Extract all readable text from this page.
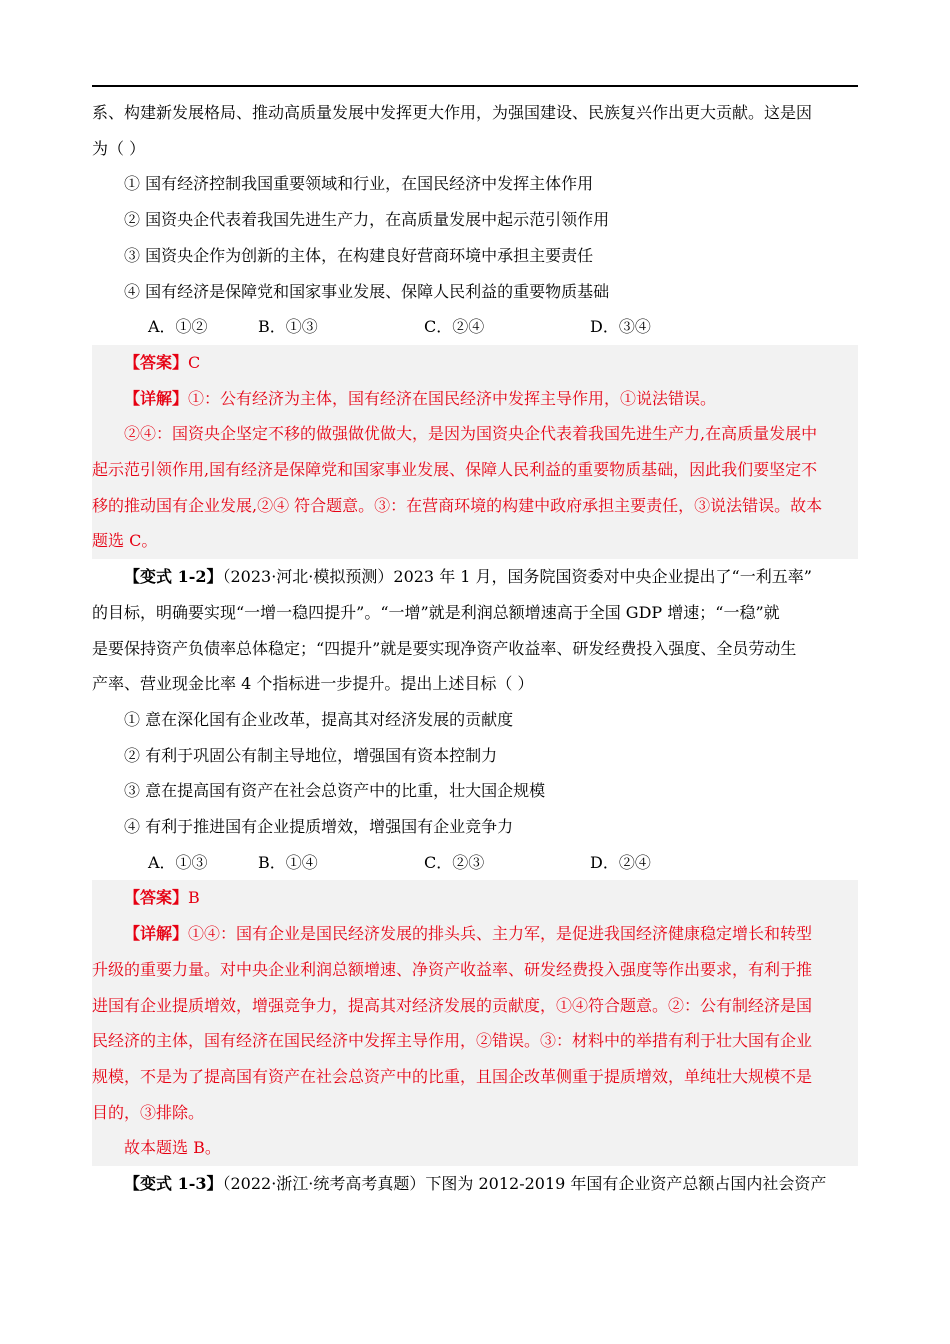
系、构建新发展格局、推动高质量发展中发挥更大作用，为强国建设、民族复兴作出更大贡献。这是因
为（ ）
① 国有经济控制我国重要领域和行业，在国民经济中发挥主体作用
② 国资央企代表着我国先进生产力，在高质量发展中起示范引领作用
③ 国资央企作为创新的主体，在构建良好营商环境中承担主要责任
④ 国有经济是保障党和国家事业发展、保障人民利益的重要物质基础
A．①②	B．①③	C．②④	D．③④
【答案】C
【详解】①：公有经济为主体，国有经济在国民经济中发挥主导作用，①说法错误。
②④：国资央企坚定不移的做强做优做大，是因为国资央企代表着我国先进生产力,在高质量发展中
起示范引领作用,国有经济是保障党和国家事业发展、保障人民利益的重要物质基础，因此我们要坚定不
移的推动国有企业发展,②④ 符合题意。③：在营商环境的构建中政府承担主要责任，③说法错误。故本
题选 C。
【变式 1-2】（2023·河北·模拟预测）2023 年 1 月，国务院国资委对中央企业提出了“一利五率”
的目标，明确要实现“一增一稳四提升”。“一增”就是利润总额增速高于全国 GDP 增速；“一稳”就
是要保持资产负债率总体稳定；“四提升”就是要实现净资产收益率、研发经费投入强度、全员劳动生
产率、营业现金比率 4 个指标进一步提升。提出上述目标（ ）
① 意在深化国有企业改革，提高其对经济发展的贡献度
② 有利于巩固公有制主导地位，增强国有资本控制力
③ 意在提高国有资产在社会总资产中的比重，壮大国企规模
④ 有利于推进国有企业提质增效，增强国有企业竞争力
A．①③	B．①④	C．②③	D．②④
【答案】B
【详解】①④：国有企业是国民经济发展的排头兵、主力军，是促进我国经济健康稳定增长和转型
升级的重要力量。对中央企业利润总额增速、净资产收益率、研发经费投入强度等作出要求，有利于推
进国有企业提质增效，增强竞争力，提高其对经济发展的贡献度，①④符合题意。②：公有制经济是国
民经济的主体，国有经济在国民经济中发挥主导作用，②错误。③：材料中的举措有利于壮大国有企业
规模，不是为了提高国有资产在社会总资产中的比重，且国企改革侧重于提质增效，单纯壮大规模不是
目的，③排除。
故本题选 B。
【变式 1-3】（2022·浙江·统考高考真题）下图为 2012-2019 年国有企业资产总额占国内社会资产
